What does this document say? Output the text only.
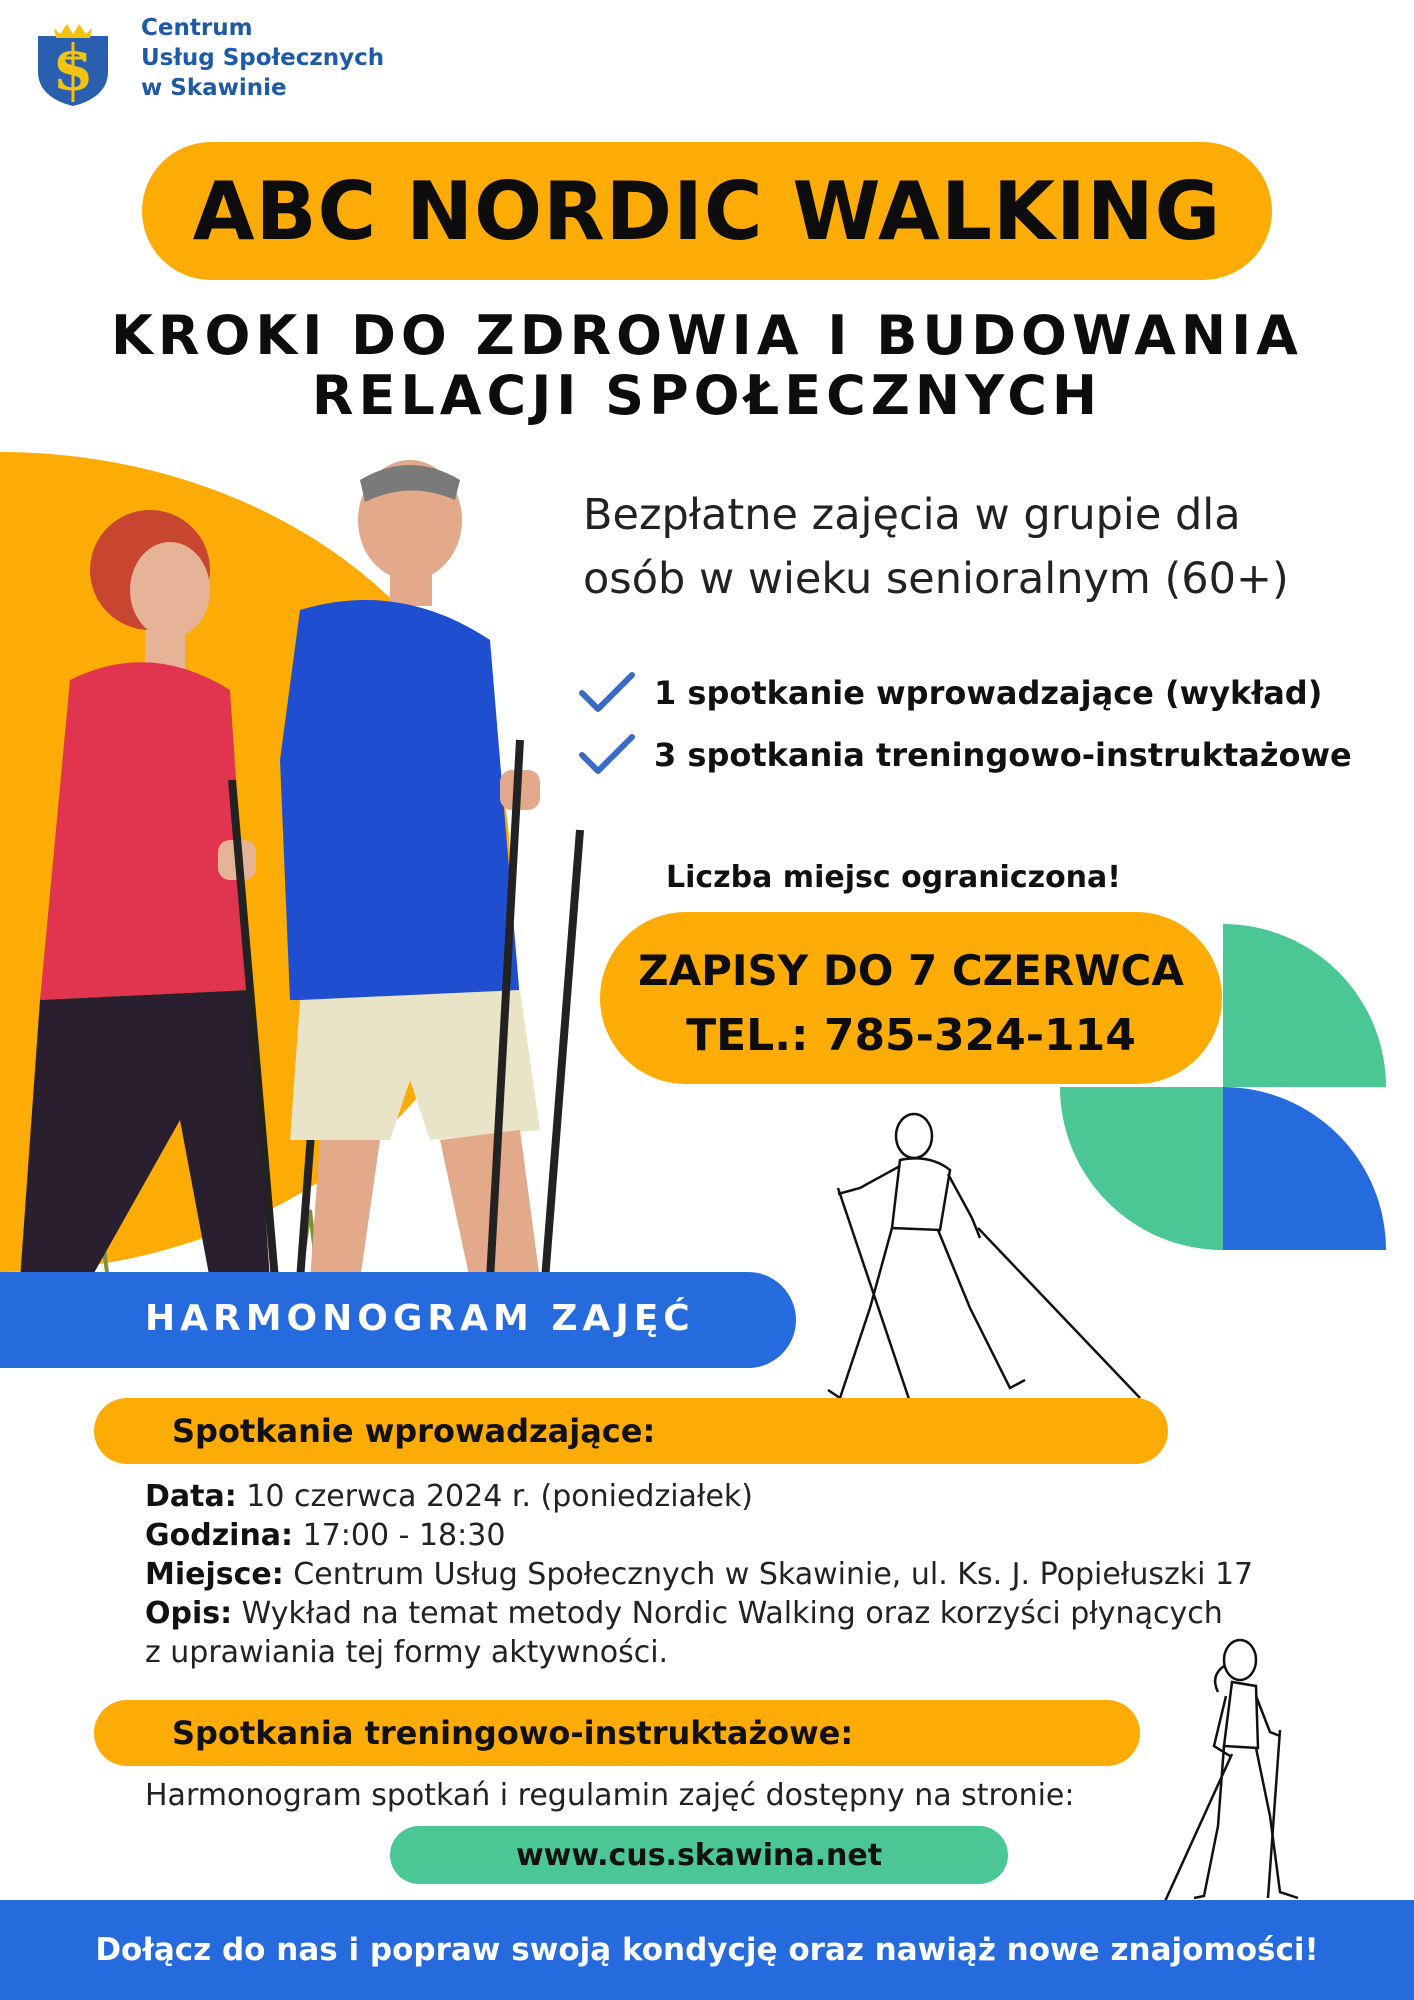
S
Centrum
Usług Społecznych
w Skawinie
ABC NORDIC WALKING
KROKI DO ZDROWIA I BUDOWANIA
RELACJI SPOŁECZNYCH
Bezpłatne zajęcia w grupie dla
osób w wieku senioralnym (60+)
1 spotkanie wprowadzające (wykład)
3 spotkania treningowo-instruktażowe
Liczba miejsc ograniczona!
ZAPISY DO 7 CZERWCA
TEL.: 785-324-114
HARMONOGRAM ZAJĘĆ
Spotkanie wprowadzające:
Data: 10 czerwca 2024 r. (poniedziałek)
Godzina: 17:00 - 18:30
Miejsce: Centrum Usług Społecznych w Skawinie, ul. Ks. J. Popiełuszki 17
Opis: Wykład na temat metody Nordic Walking oraz korzyści płynących
z uprawiania tej formy aktywności.
Spotkania treningowo-instruktażowe:
Harmonogram spotkań i regulamin zajęć dostępny na stronie:
www.cus.skawina.net
Dołącz do nas i popraw swoją kondycję oraz nawiąż nowe znajomości!
